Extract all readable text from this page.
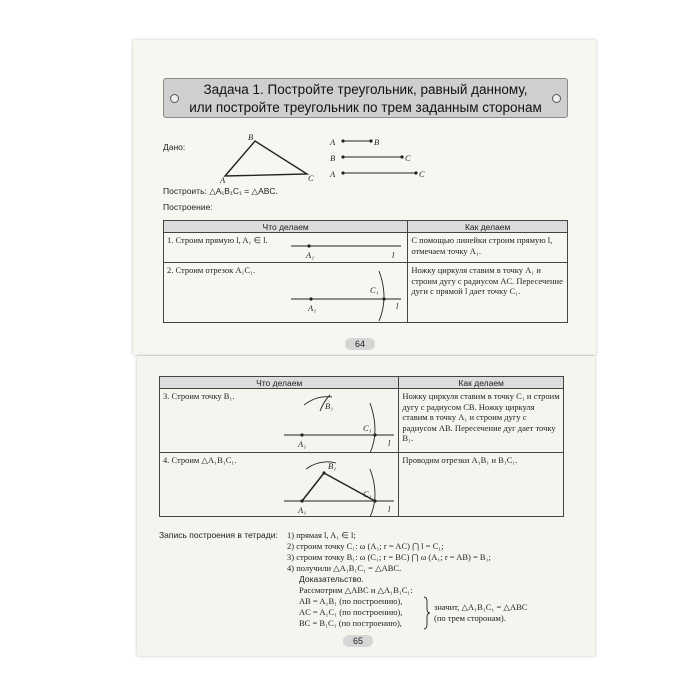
Задача 1. Постройте треугольник, равный данному,
или постройте треугольник по трем заданным сторонам
Дано:
B
A	C
A	B
B	C
A	C
Построить: △A₁B₁C₁ = △ABC.
Построение:
Что делаем	Как делаем
1. Строим прямую l, A₁ ∈ l.
A₁ l	С помощью линейки строим прямую l, отмечаем точку A₁.
2. Строим отрезок A₁C₁.
A₁
C₁
l	Ножку циркуля ставим в точку A₁ и строим дугу с радиусом AC. Пересечение дуги с прямой l дает точку C₁.
64
Что делаем	Как делаем
3. Строим точку B₁.
B₁
A₁
C₁
l	Ножку циркуля ставим в точку C₁ и строим дугу с радиусом CB. Ножку циркуля ставим в точку A₁ и строим дугу с радиусом AB. Пересечение дуг дает точку B₁.
4. Строим △A₁B₁C₁.
B₁
A₁
C₁
l	Проводим отрезки A₁B₁ и B₁C₁.
Запись построения в тетради: 1) прямая l, A₁ ∈ l;
2) строим точку C₁: ω (A₁; r = AC) ⋂ l = C₁;
3) строим точку B₁: ω (C₁; r = BC) ⋂ ω (A₁; r = AB) = B₁;
4) получили △A₁B₁C₁ = △ABC.
Доказательство.
Рассмотрим △ABC и △A₁B₁C₁:
AB = A₁B₁ (по построению),
AC = A₁C₁ (по построению),
BC = B₁C₁ (по построению),
значит, △A₁B₁C₁ = △ABC
(по трем сторонам).
65
